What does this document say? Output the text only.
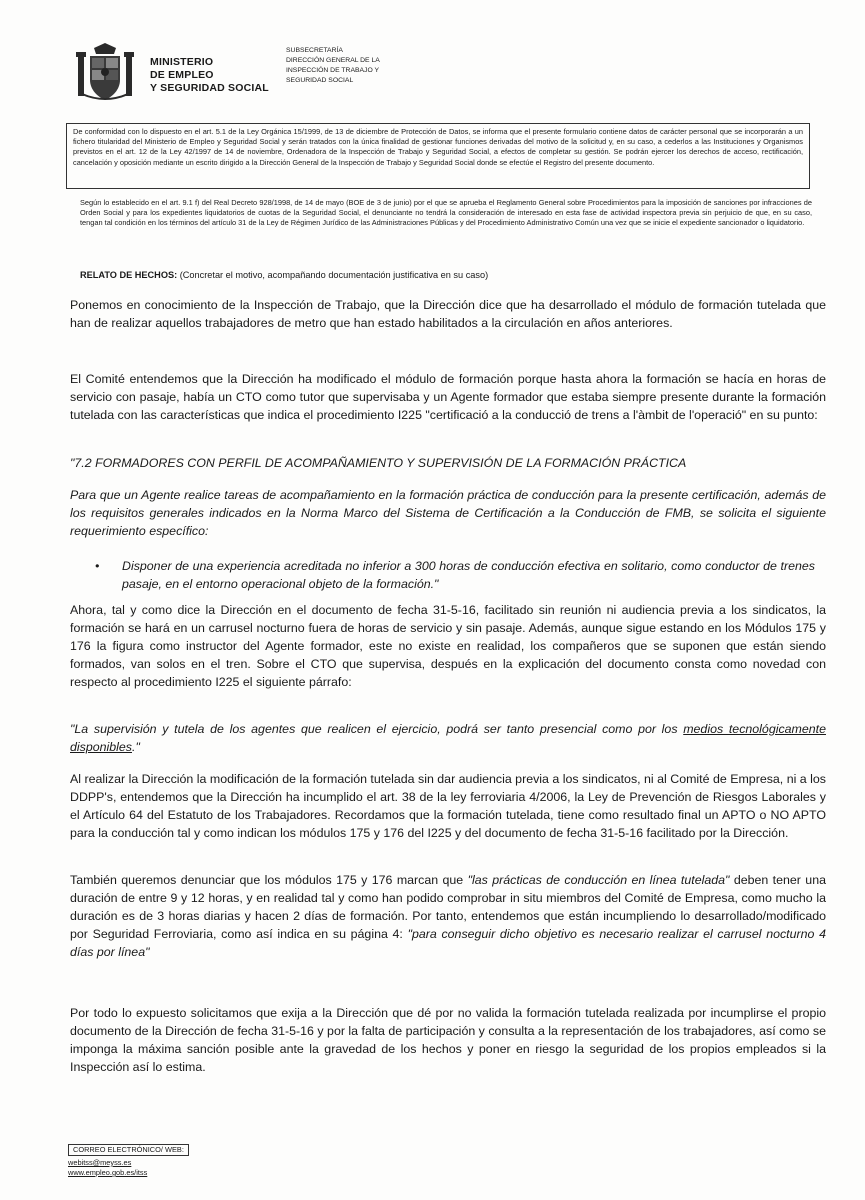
MINISTERIO
DE EMPLEO
Y SEGURIDAD SOCIAL
SUBSECRETARÍA
DIRECCIÓN GENERAL DE LA
INSPECCIÓN DE TRABAJO Y
SEGURIDAD SOCIAL
De conformidad con lo dispuesto en el art. 5.1 de la Ley Orgánica 15/1999, de 13 de diciembre de Protección de Datos, se informa que el presente formulario contiene datos de carácter personal que se incorporarán a un fichero titularidad del Ministerio de Empleo y Seguridad Social y serán tratados con la única finalidad de gestionar funciones derivadas del motivo de la solicitud y, en su caso, a cederlos a las Instituciones y Organismos previstos en el art. 12 de la Ley 42/1997 de 14 de noviembre, Ordenadora de la Inspección de Trabajo y Seguridad Social, a efectos de completar su gestión. Se podrán ejercer los derechos de acceso, rectificación, cancelación y oposición mediante un escrito dirigido a la Dirección General de la Inspección de Trabajo y Seguridad Social donde se efectúe el Registro del presente documento.
Según lo establecido en el art. 9.1 f) del Real Decreto 928/1998, de 14 de mayo (BOE de 3 de junio) por el que se aprueba el Reglamento General sobre Procedimientos para la imposición de sanciones por infracciones de Orden Social y para los expedientes liquidatorios de cuotas de la Seguridad Social, el denunciante no tendrá la consideración de interesado en esta fase de actividad inspectora previa sin perjuicio de que, en su caso, tengan tal condición en los términos del artículo 31 de la Ley de Régimen Jurídico de las Administraciones Públicas y del Procedimiento Administrativo Común una vez que se inicie el expediente sancionador o liquidatorio.
RELATO DE HECHOS: (Concretar el motivo, acompañando documentación justificativa en su caso)

Ponemos en conocimiento de la Inspección de Trabajo, que la Dirección dice que ha desarrollado el módulo de formación tutelada que han de realizar aquellos trabajadores de metro que han estado habilitados a la circulación en años anteriores.

El Comité entendemos que la Dirección ha modificado el módulo de formación porque hasta ahora la formación se hacía en horas de servicio con pasaje, había un CTO como tutor que supervisaba y un Agente formador que estaba siempre presente durante la formación tutelada con las características que indica el procedimiento I225 "certificació a la conducció de trens a l'àmbit de l'operació" en su punto:

"7.2 FORMADORES CON PERFIL DE ACOMPAÑAMIENTO Y SUPERVISIÓN DE LA FORMACIÓN PRÁCTICA

Para que un Agente realice tareas de acompañamiento en la formación práctica de conducción para la presente certificación, además de los requisitos generales indicados en la Norma Marco del Sistema de Certificación a la Conducción de FMB, se solicita el siguiente requerimiento específico:

• Disponer de una experiencia acreditada no inferior a 300 horas de conducción efectiva en solitario, como conductor de trenes pasaje, en el entorno operacional objeto de la formación."

Ahora, tal y como dice la Dirección en el documento de fecha 31-5-16, facilitado sin reunión ni audiencia previa a los sindicatos, la formación se hará en un carrusel nocturno fuera de horas de servicio y sin pasaje. Además, aunque sigue estando en los Módulos 175 y 176 la figura como instructor del Agente formador, este no existe en realidad, los compañeros que se suponen que están siendo formados, van solos en el tren. Sobre el CTO que supervisa, después en la explicación del documento consta como novedad con respecto al procedimiento I225 el siguiente párrafo:

"La supervisión y tutela de los agentes que realicen el ejercicio, podrá ser tanto presencial como por los medios tecnológicamente disponibles."

Al realizar la Dirección la modificación de la formación tutelada sin dar audiencia previa a los sindicatos, ni al Comité de Empresa, ni a los DDPP's, entendemos que la Dirección ha incumplido el art. 38 de la ley ferroviaria 4/2006, la Ley de Prevención de Riesgos Laborales y el Artículo 64 del Estatuto de los Trabajadores. Recordamos que la formación tutelada, tiene como resultado final un APTO o NO APTO para la conducción tal y como indican los módulos 175 y 176 del I225 y del documento de fecha 31-5-16 facilitado por la Dirección.

También queremos denunciar que los módulos 175 y 176 marcan que "las prácticas de conducción en línea tutelada" deben tener una duración de entre 9 y 12 horas, y en realidad tal y como han podido comprobar in situ miembros del Comité de Empresa, como mucho la duración es de 3 horas diarias y hacen 2 días de formación. Por tanto, entendemos que están incumpliendo lo desarrollado/modificado por Seguridad Ferroviaria, como así indica en su página 4: "para conseguir dicho objetivo es necesario realizar el carrusel nocturno 4 días por línea"

Por todo lo expuesto solicitamos que exija a la Dirección que dé por no valida la formación tutelada realizada por incumplirse el propio documento de la Dirección de fecha 31-5-16 y por la falta de participación y consulta a la representación de los trabajadores, así como se imponga la máxima sanción posible ante la gravedad de los hechos y poner en riesgo la seguridad de los propios empleados si la Inspección así lo estima.

CORREO ELECTRÓNICO/ WEB:
webitss@meyss.es
www.empleo.gob.es/itss
